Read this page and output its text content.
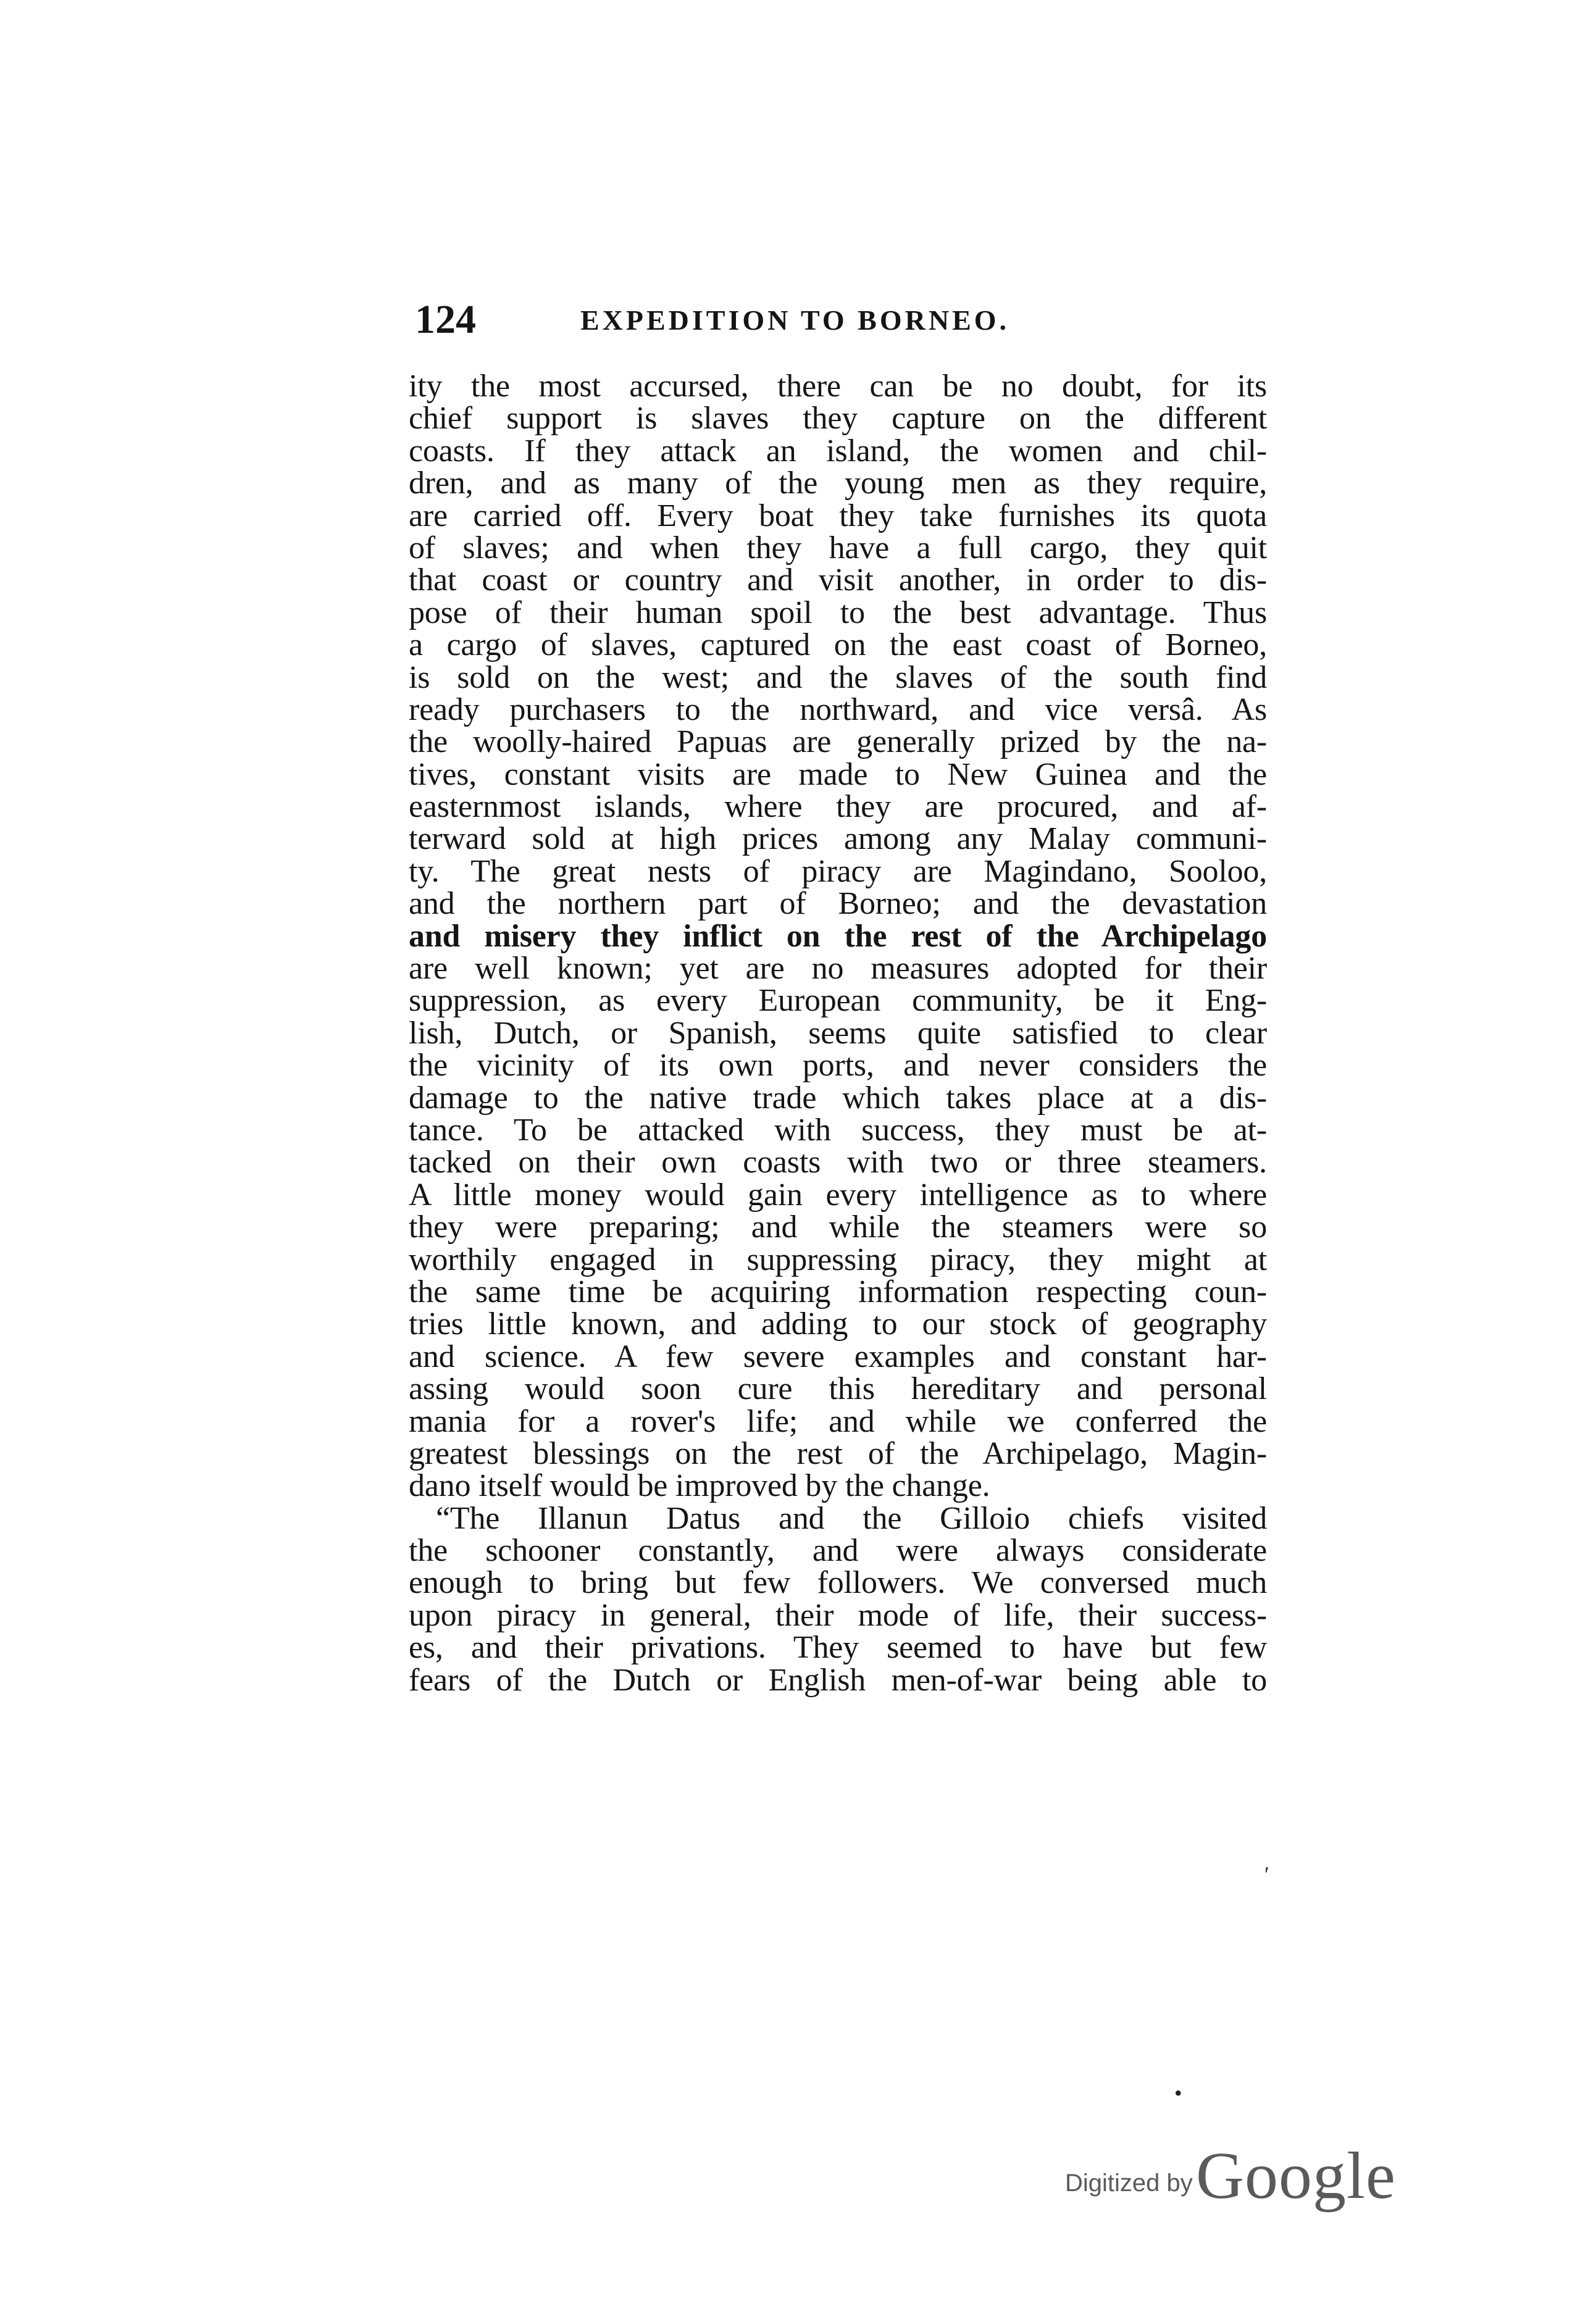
124	EXPEDITION TO BORNEO.
ity the most accursed, there can be no doubt, for its
chief support is slaves they capture on the different
coasts. If they attack an island, the women and chil-
dren, and as many of the young men as they require,
are carried off. Every boat they take furnishes its quota
of slaves; and when they have a full cargo, they quit
that coast or country and visit another, in order to dis-
pose of their human spoil to the best advantage. Thus
a cargo of slaves, captured on the east coast of Borneo,
is sold on the west; and the slaves of the south find
ready purchasers to the northward, and vice versâ. As
the woolly-haired Papuas are generally prized by the na-
tives, constant visits are made to New Guinea and the
easternmost islands, where they are procured, and af-
terward sold at high prices among any Malay communi-
ty. The great nests of piracy are Magindano, Sooloo,
and the northern part of Borneo; and the devastation
and misery they inflict on the rest of the Archipelago
are well known; yet are no measures adopted for their
suppression, as every European community, be it Eng-
lish, Dutch, or Spanish, seems quite satisfied to clear
the vicinity of its own ports, and never considers the
damage to the native trade which takes place at a dis-
tance. To be attacked with success, they must be at-
tacked on their own coasts with two or three steamers.
A little money would gain every intelligence as to where
they were preparing; and while the steamers were so
worthily engaged in suppressing piracy, they might at
the same time be acquiring information respecting coun-
tries little known, and adding to our stock of geography
and science. A few severe examples and constant har-
assing would soon cure this hereditary and personal
mania for a rover's life; and while we conferred the
greatest blessings on the rest of the Archipelago, Magin-
dano itself would be improved by the change.
“The Illanun Datus and the Gilloio chiefs visited
the schooner constantly, and were always considerate
enough to bring but few followers. We conversed much
upon piracy in general, their mode of life, their success-
es, and their privations. They seemed to have but few
fears of the Dutch or English men-of-war being able to
′
•
Digitized by Google
